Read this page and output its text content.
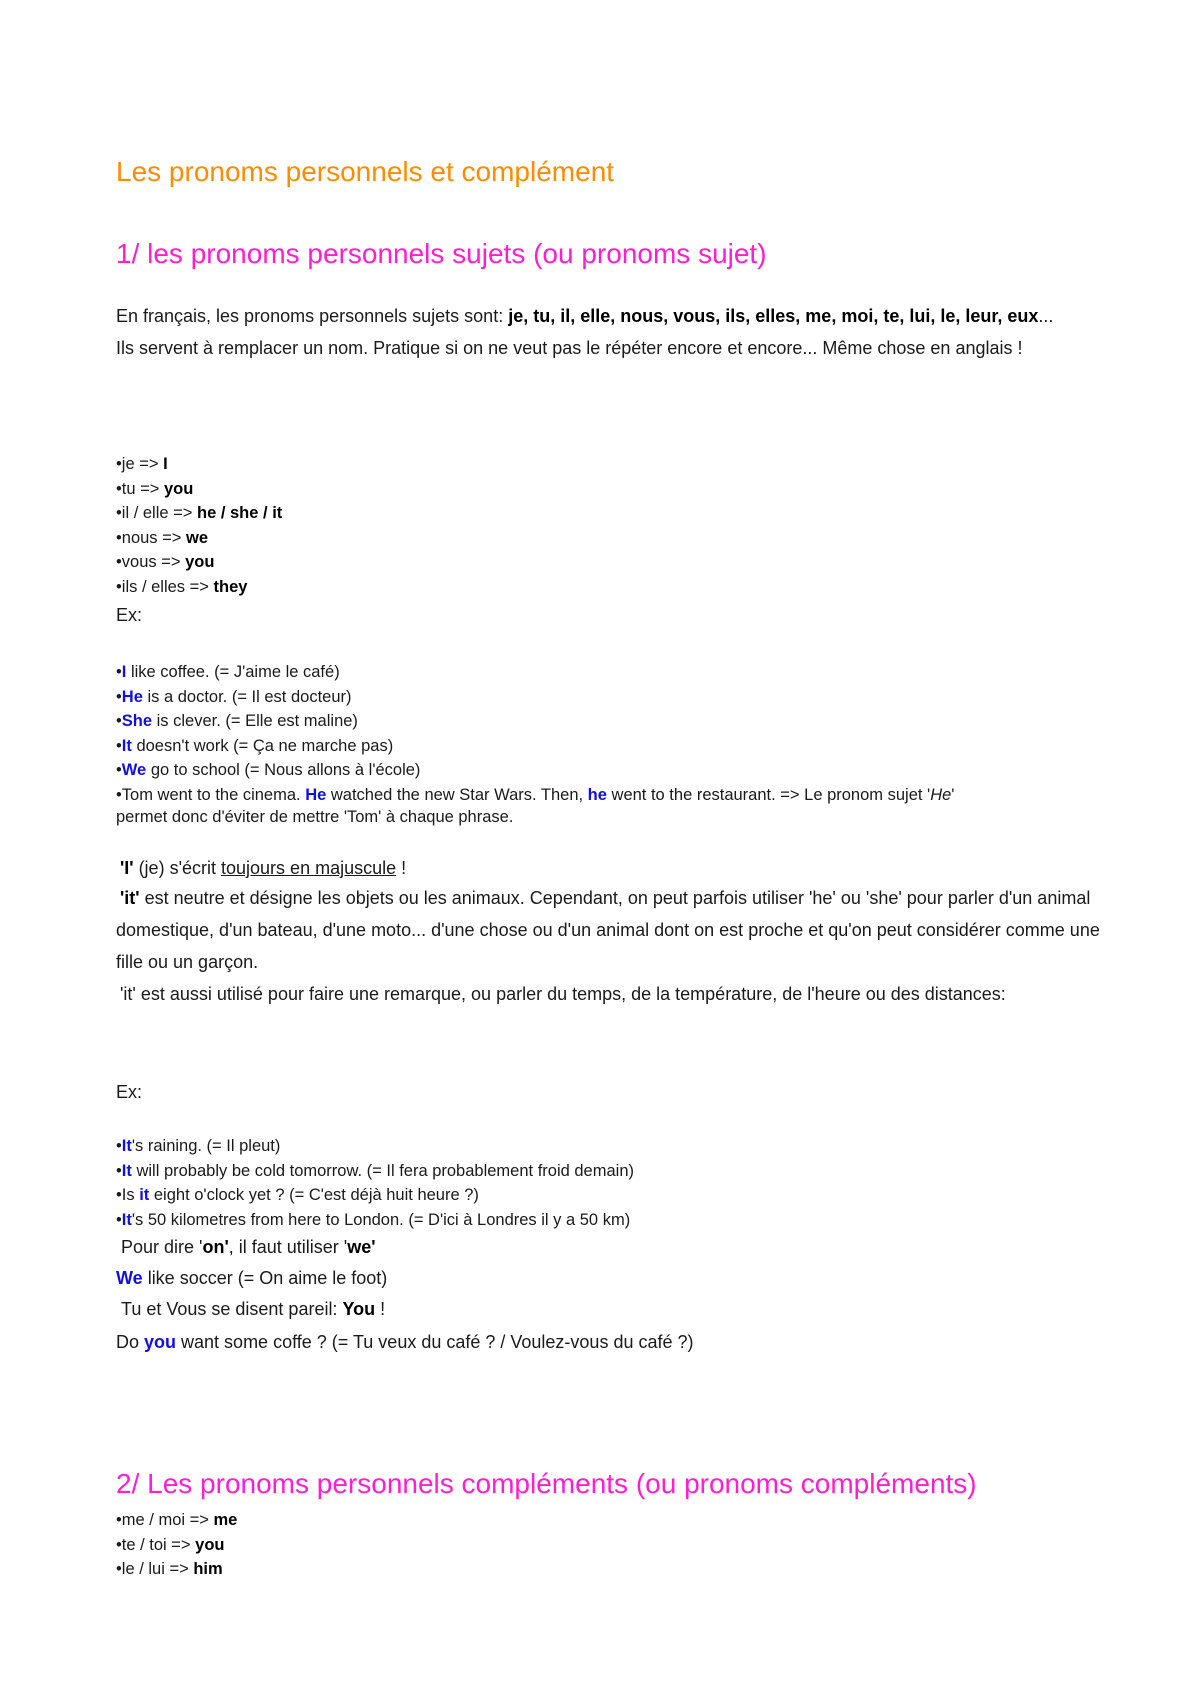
Les pronoms personnels et complément
1/ les pronoms personnels sujets (ou pronoms sujet)
En français, les pronoms personnels sujets sont: je, tu, il, elle, nous, vous, ils, elles, me, moi, te, lui, le, leur, eux...
Ils servent à remplacer un nom. Pratique si on ne veut pas le répéter encore et encore... Même chose en anglais !
•je => I
•tu => you
•il / elle => he / she / it
•nous => we
•vous => you
•ils / elles => they
Ex:
•I like coffee. (= J'aime le café)
•He is a doctor. (= Il est docteur)
•She is clever. (= Elle est maline)
•It doesn't work (= Ça ne marche pas)
•We go to school (= Nous allons à l'école)
•Tom went to the cinema. He watched the new Star Wars. Then, he went to the restaurant. => Le pronom sujet 'He'
permet donc d'éviter de mettre 'Tom' à chaque phrase.
'I' (je) s'écrit toujours en majuscule !
'it' est neutre et désigne les objets ou les animaux. Cependant, on peut parfois utiliser 'he' ou 'she' pour parler d'un animal domestique, d'un bateau, d'une moto... d'une chose ou d'un animal dont on est proche et qu'on peut considérer comme une fille ou un garçon.
'it' est aussi utilisé pour faire une remarque, ou parler du temps, de la température, de l'heure ou des distances:
Ex:
•It's raining. (= Il pleut)
•It will probably be cold tomorrow. (= Il fera probablement froid demain)
•Is it eight o'clock yet ? (= C'est déjà huit heure ?)
•It's 50 kilometres from here to London. (= D'ici à Londres il y a 50 km)
Pour dire 'on', il faut utiliser 'we'
We like soccer (= On aime le foot)
Tu et Vous se disent pareil: You !
Do you want some coffe ? (= Tu veux du café ? / Voulez-vous du café ?)
2/ Les pronoms personnels compléments (ou pronoms compléments)
•me / moi => me
•te / toi => you
•le / lui => him
